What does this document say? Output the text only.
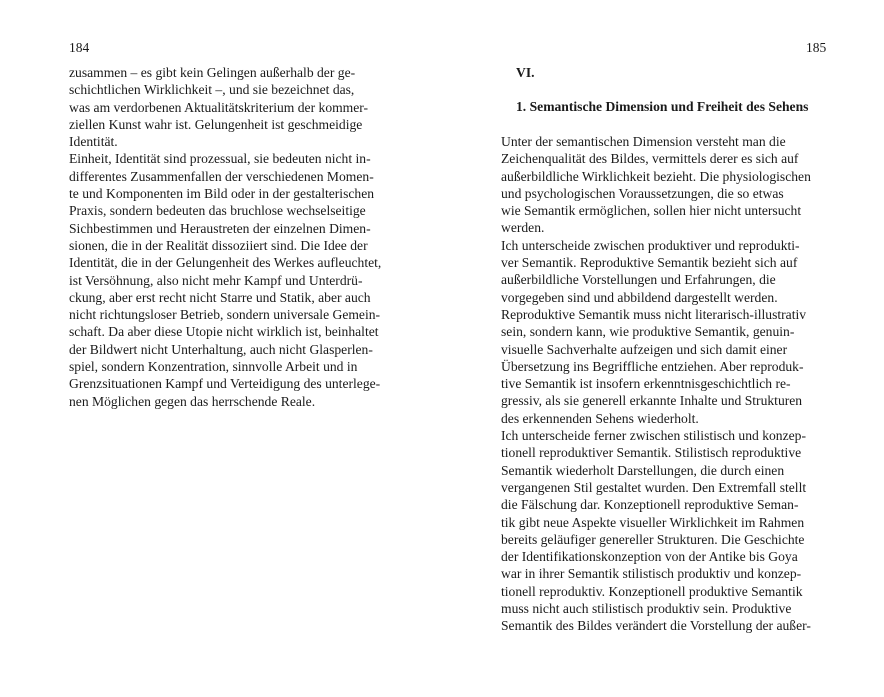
184	185
zusammen – es gibt kein Gelingen außerhalb der ge-
schichtlichen Wirklichkeit –, und sie bezeichnet das,
was am verdorbenen Aktualitätskriterium der kommer-
ziellen Kunst wahr ist. Gelungenheit ist geschmeidige
Identität.
Einheit, Identität sind prozessual, sie bedeuten nicht in-
differentes Zusammenfallen der verschiedenen Momen-
te und Komponenten im Bild oder in der gestalterischen
Praxis, sondern bedeuten das bruchlose wechselseitige
Sichbestimmen und Heraustreten der einzelnen Dimen-
sionen, die in der Realität dissoziiert sind. Die Idee der
Identität, die in der Gelungenheit des Werkes aufleuchtet,
ist Versöhnung, also nicht mehr Kampf und Unterdrü-
ckung, aber erst recht nicht Starre und Statik, aber auch
nicht richtungsloser Betrieb, sondern universale Gemein-
schaft. Da aber diese Utopie nicht wirklich ist, beinhaltet
der Bildwert nicht Unterhaltung, auch nicht Glasperlen-
spiel, sondern Konzentration, sinnvolle Arbeit und in
Grenzsituationen Kampf und Verteidigung des unterlege-
nen Möglichen gegen das herrschende Reale.
VI.
1. Semantische Dimension und Freiheit des Sehens
Unter der semantischen Dimension versteht man die
Zeichenqualität des Bildes, vermittels derer es sich auf
außerbildliche Wirklichkeit bezieht. Die physiologischen
und psychologischen Voraussetzungen, die so etwas
wie Semantik ermöglichen, sollen hier nicht untersucht
werden.
Ich unterscheide zwischen produktiver und reprodukti-
ver Semantik. Reproduktive Semantik bezieht sich auf
außerbildliche Vorstellungen und Erfahrungen, die
vorgegeben sind und abbildend dargestellt werden.
Reproduktive Semantik muss nicht literarisch-illustrativ
sein, sondern kann, wie produktive Semantik, genuin-
visuelle Sachverhalte aufzeigen und sich damit einer
Übersetzung ins Begriffliche entziehen. Aber reproduk-
tive Semantik ist insofern erkenntnisgeschichtlich re-
gressiv, als sie generell erkannte Inhalte und Strukturen
des erkennenden Sehens wiederholt.
Ich unterscheide ferner zwischen stilistisch und konzep-
tionell reproduktiver Semantik. Stilistisch reproduktive
Semantik wiederholt Darstellungen, die durch einen
vergangenen Stil gestaltet wurden. Den Extremfall stellt
die Fälschung dar. Konzeptionell reproduktive Seman-
tik gibt neue Aspekte visueller Wirklichkeit im Rahmen
bereits geläufiger genereller Strukturen. Die Geschichte
der Identifikationskonzeption von der Antike bis Goya
war in ihrer Semantik stilistisch produktiv und konzep-
tionell reproduktiv. Konzeptionell produktive Semantik
muss nicht auch stilistisch produktiv sein. Produktive
Semantik des Bildes verändert die Vorstellung der außer-
